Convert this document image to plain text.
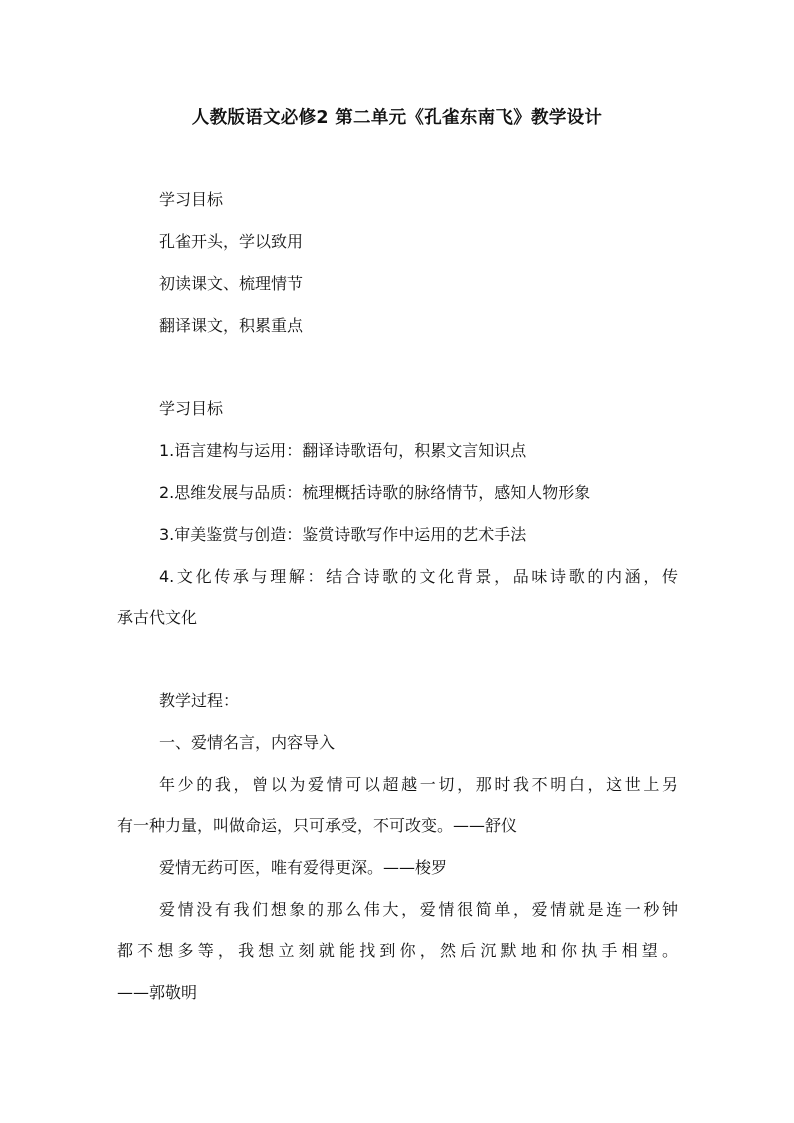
人教版语文必修2 第二单元《孔雀东南飞》教学设计
学习目标
孔雀开头，学以致用
初读课文、梳理情节
翻译课文，积累重点
学习目标
1.语言建构与运用：翻译诗歌语句，积累文言知识点
2.思维发展与品质：梳理概括诗歌的脉络情节，感知人物形象
3.审美鉴赏与创造：鉴赏诗歌写作中运用的艺术手法
4.文化传承与理解：结合诗歌的文化背景，品味诗歌的内涵，传
承古代文化
教学过程：
一、爱情名言，内容导入
年少的我，曾以为爱情可以超越一切，那时我不明白，这世上另
有一种力量，叫做命运，只可承受，不可改变。——舒仪
爱情无药可医，唯有爱得更深。——梭罗
爱情没有我们想象的那么伟大，爱情很简单，爱情就是连一秒钟
都不想多等，我想立刻就能找到你，然后沉默地和你执手相望。
——郭敬明
